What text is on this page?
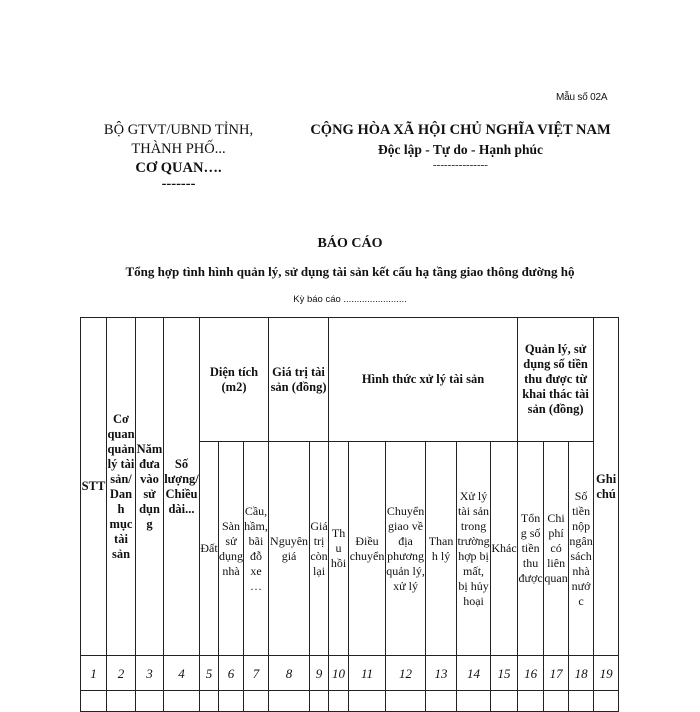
Mẫu số 02A
BỘ GTVT/UBND TỈNH,
THÀNH PHỐ...
CƠ QUAN….
-------
CỘNG HÒA XÃ HỘI CHỦ NGHĨA VIỆT NAM
Độc lập - Tự do - Hạnh phúc
---------------
BÁO CÁO
Tổng hợp tình hình quản lý, sử dụng tài sản kết cấu hạ tầng giao thông đường hộ
Kỳ báo cáo ........................
STT	Cơ quan quản lý tài sản/ Danh mục tài sản	Năm đưa vào sử dụng	Số lượng/ Chiều dài...	Diện tích (m2)			Giá trị tài sản (đồng)		Hình thức xử lý tài sản						Quản lý, sử dụng số tiền thu được từ khai thác tài sản (đồng)			Ghi chú
				Đất	Sàn sử dụng nhà	Cầu, hầm, bãi đỗ xe …	Nguyên giá	Giá trị còn lại	Thu hồi	Điều chuyển	Chuyển giao về địa phương quản lý, xử lý	Thanh lý	Xử lý tài sản trong trường hợp bị mất, bị hủy hoại	Khác	Tổng số tiền thu được	Chi phí có liên quan	Số tiền nộp ngân sách nhà nước	
1	2	3	4	5	6	7	8	9	10	11	12	13	14	15	16	17	18	19
